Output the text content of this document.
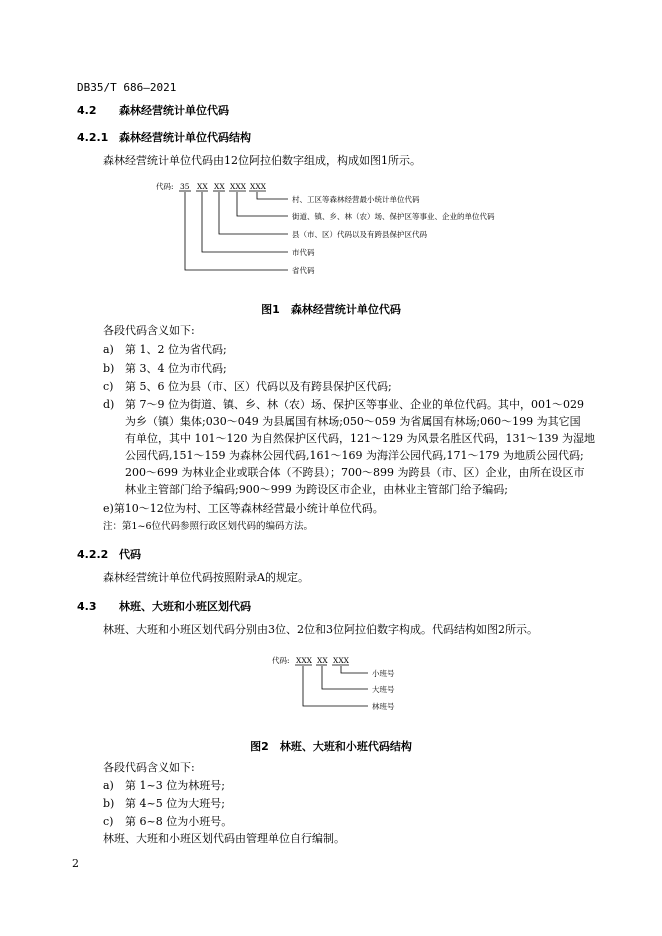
DB35/T 686—2021
4.2 森林经营统计单位代码
4.2.1 森林经营统计单位代码结构
森林经营统计单位代码由12位阿拉伯数字组成，构成如图1所示。
代码: 35 XX XX XXX XXX
村、工区等森林经营最小统计单位代码
街道、镇、乡、林（农）场、保护区等事业、企业的单位代码
县（市、区）代码以及有跨县保护区代码
市代码
省代码
图1　森林经营统计单位代码
各段代码含义如下:
a) 第 1、2 位为省代码;
b) 第 3、4 位为市代码;
c) 第 5、6 位为县（市、区）代码以及有跨县保护区代码;
d) 第 7～9 位为街道、镇、乡、林（农）场、保护区等事业、企业的单位代码。其中，001～029
为乡（镇）集体;030～049 为县属国有林场;050～059 为省属国有林场;060～199 为其它国
有单位，其中 101～120 为自然保护区代码，121～129 为风景名胜区代码，131～139 为湿地
公园代码,151～159 为森林公园代码,161～169 为海洋公园代码,171～179 为地质公园代码;
200～699 为林业企业或联合体（不跨县）；700～899 为跨县（市、区）企业，由所在设区市
林业主管部门给予编码;900～999 为跨设区市企业，由林业主管部门给予编码;
e)第10～12位为村、工区等森林经营最小统计单位代码。
注：第1~6位代码参照行政区划代码的编码方法。
4.2.2 代码
森林经营统计单位代码按照附录A的规定。
4.3 林班、大班和小班区划代码
林班、大班和小班区划代码分别由3位、2位和3位阿拉伯数字构成。代码结构如图2所示。
代码: XXX XX XXX
小班号
大班号
林班号
图2　林班、大班和小班代码结构
各段代码含义如下:
a) 第 1~3 位为林班号;
b) 第 4~5 位为大班号;
c) 第 6~8 位为小班号。
林班、大班和小班区划代码由管理单位自行编制。
2
